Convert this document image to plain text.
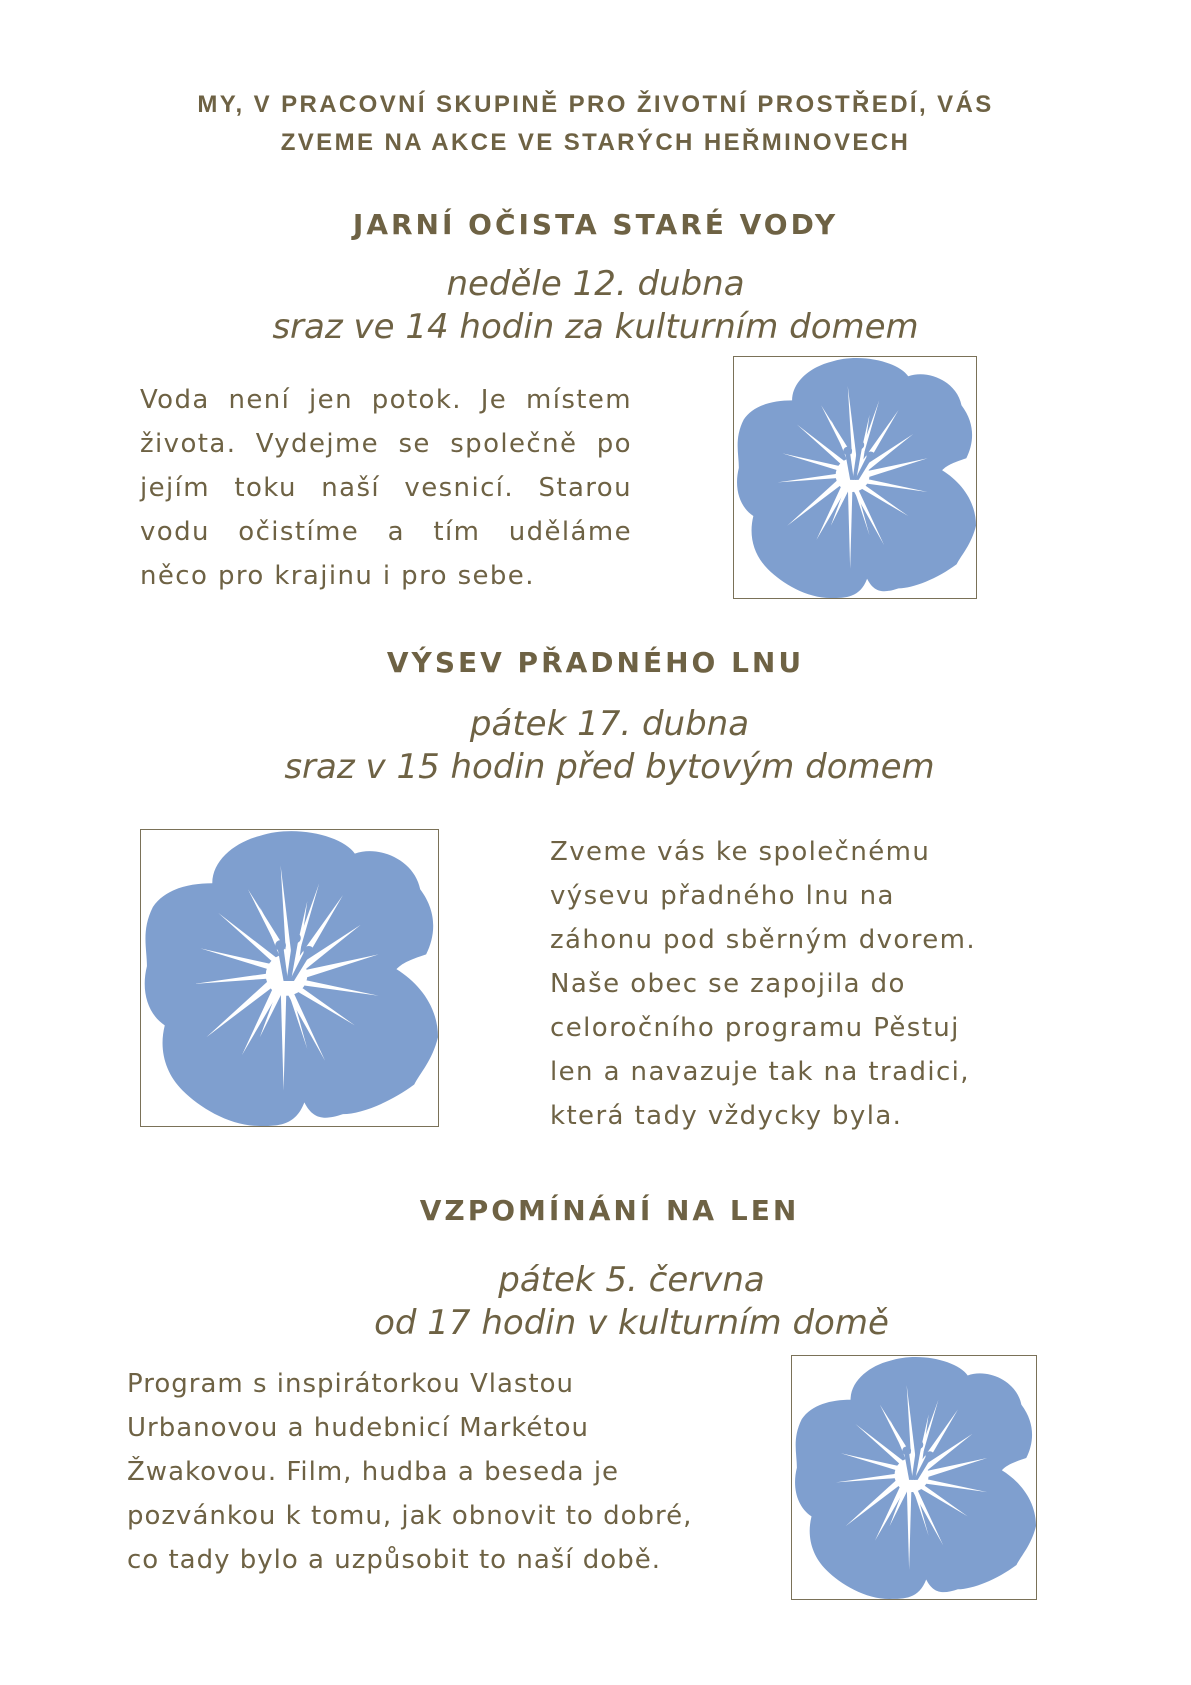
MY, V PRACOVNÍ SKUPINĚ PRO ŽIVOTNÍ PROSTŘEDÍ, VÁS
ZVEME NA AKCE VE STARÝCH HEŘMINOVECH
JARNÍ OČISTA STARÉ VODY
neděle 12. dubna
sraz ve 14 hodin za kulturním domem
Voda není jen potok. Je místem
života. Vydejme se společně po
jejím toku naší vesnicí. Starou
vodu očistíme a tím uděláme
něco pro krajinu i pro sebe.
VÝSEV PŘADNÉHO LNU
pátek 17. dubna
sraz v 15 hodin před bytovým domem
Zveme vás ke společnému
výsevu přadného lnu na
záhonu pod sběrným dvorem.
Naše obec se zapojila do
celoročního programu Pěstuj
len a navazuje tak na tradici,
která tady vždycky byla.
VZPOMÍNÁNÍ NA LEN
pátek 5. června
od 17 hodin v kulturním domě
Program s inspirátorkou Vlastou
Urbanovou a hudebnicí Markétou
Žwakovou. Film, hudba a beseda je
pozvánkou k tomu, jak obnovit to dobré,
co tady bylo a uzpůsobit to naší době.
